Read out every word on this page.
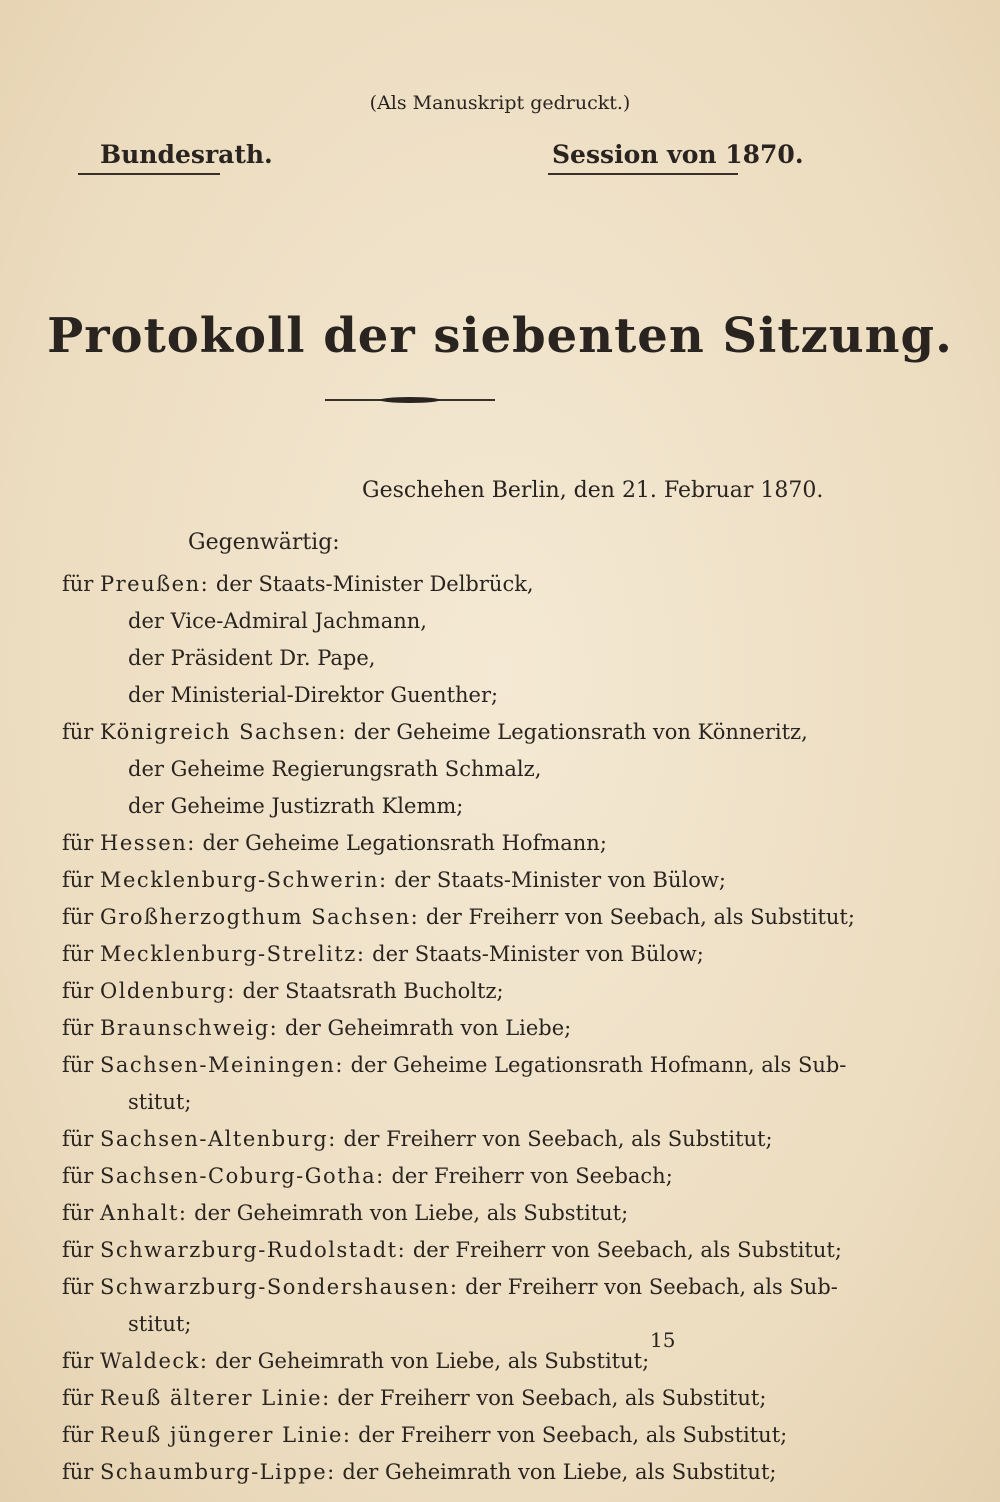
(Als Manuskript gedruckt.)
Bundesrath.	Session von 1870.
Protokoll der siebenten Sitzung.
Geschehen Berlin, den 21. Februar 1870.
Gegenwärtig:
für Preußen: der Staats-Minister Delbrück,
der Vice-Admiral Jachmann,
der Präsident Dr. Pape,
der Ministerial-Direktor Guenther;
für Königreich Sachsen: der Geheime Legationsrath von Könneritz,
der Geheime Regierungsrath Schmalz,
der Geheime Justizrath Klemm;
für Hessen: der Geheime Legationsrath Hofmann;
für Mecklenburg-Schwerin: der Staats-Minister von Bülow;
für Großherzogthum Sachsen: der Freiherr von Seebach, als Substitut;
für Mecklenburg-Strelitz: der Staats-Minister von Bülow;
für Oldenburg: der Staatsrath Bucholtz;
für Braunschweig: der Geheimrath von Liebe;
für Sachsen-Meiningen: der Geheime Legationsrath Hofmann, als Sub-
stitut;
für Sachsen-Altenburg: der Freiherr von Seebach, als Substitut;
für Sachsen-Coburg-Gotha: der Freiherr von Seebach;
für Anhalt: der Geheimrath von Liebe, als Substitut;
für Schwarzburg-Rudolstadt: der Freiherr von Seebach, als Substitut;
für Schwarzburg-Sondershausen: der Freiherr von Seebach, als Sub-
stitut;
für Waldeck: der Geheimrath von Liebe, als Substitut;
für Reuß älterer Linie: der Freiherr von Seebach, als Substitut;
für Reuß jüngerer Linie: der Freiherr von Seebach, als Substitut;
für Schaumburg-Lippe: der Geheimrath von Liebe, als Substitut;
15
